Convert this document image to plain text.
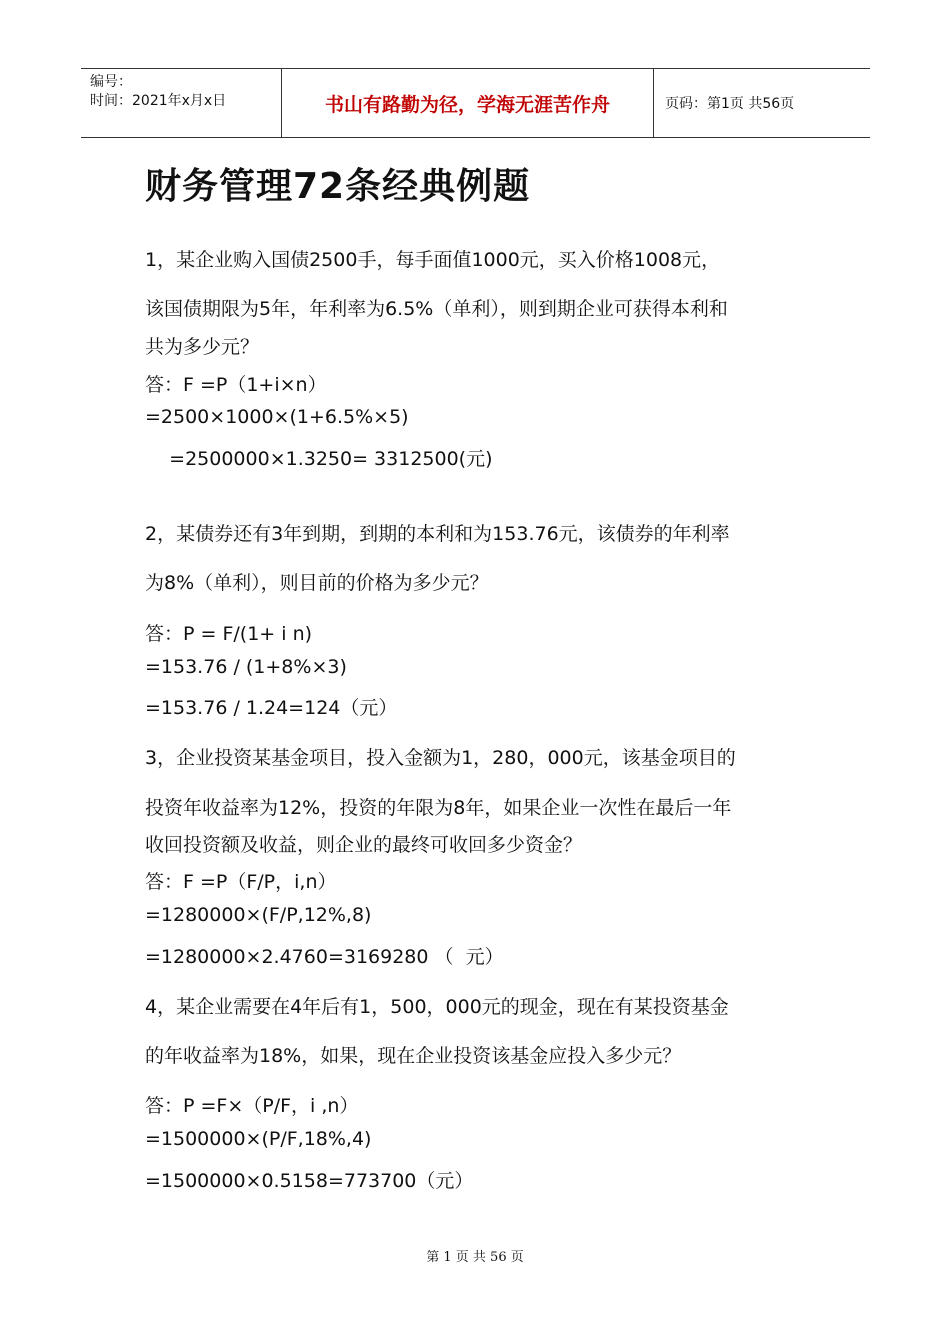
编号：
时间：2021年x月x日	书山有路勤为径，学海无涯苦作舟	页码：第1页 共56页
财务管理72条经典例题
1，某企业购入国债2500手，每手面值1000元，买入价格1008元，
该国债期限为5年，年利率为6.5%（单利），则到期企业可获得本利和
共为多少元？
答：F =P（1+i×n）
=2500×1000×(1+6.5%×5)
=2500000×1.3250= 3312500(元)
2，某债券还有3年到期，到期的本利和为153.76元，该债券的年利率
为8%（单利），则目前的价格为多少元？
答：P = F/(1+ i n)
=153.76 / (1+8%×3)
=153.76 / 1.24=124（元）
3，企业投资某基金项目，投入金额为1，280，000元，该基金项目的
投资年收益率为12%，投资的年限为8年，如果企业一次性在最后一年
收回投资额及收益，则企业的最终可收回多少资金？
答：F =P（F/P，i,n）
=1280000×(F/P,12%,8)
=1280000×2.4760=3169280 （  元）
4，某企业需要在4年后有1，500，000元的现金，现在有某投资基金
的年收益率为18%，如果，现在企业投资该基金应投入多少元？
答：P =F×（P/F，i ,n）
=1500000×(P/F,18%,4)
=1500000×0.5158=773700（元）
第 1 页 共 56 页
